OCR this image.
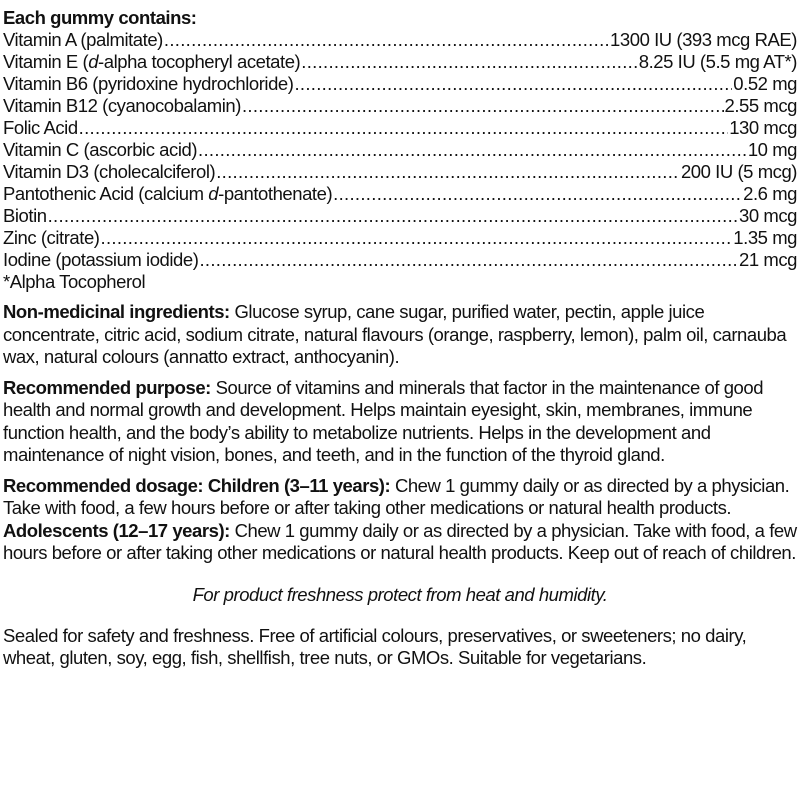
Each gummy contains:
Vitamin A (palmitate) .....	1300 IU (393 mcg RAE)
Vitamin E (d-alpha tocopheryl acetate) .....	8.25 IU (5.5 mg AT*)
Vitamin B6 (pyridoxine hydrochloride) .....	0.52 mg
Vitamin B12 (cyanocobalamin) .....	2.55 mcg
Folic Acid .....	130 mcg
Vitamin C (ascorbic acid) .....	10 mg
Vitamin D3 (cholecalciferol) .....	200 IU (5 mcg)
Pantothenic Acid (calcium d-pantothenate) .....	2.6 mg
Biotin .....	30 mcg
Zinc (citrate) .....	1.35 mg
Iodine (potassium iodide) .....	21 mcg
*Alpha Tocopherol
Non-medicinal ingredients: Glucose syrup, cane sugar, purified water, pectin, apple juice concentrate, citric acid, sodium citrate, natural flavours (orange, raspberry, lemon), palm oil, carnauba wax, natural colours (annatto extract, anthocyanin).
Recommended purpose: Source of vitamins and minerals that factor in the maintenance of good health and normal growth and development. Helps maintain eyesight, skin, membranes, immune function health, and the body’s ability to metabolize nutrients. Helps in the development and maintenance of night vision, bones, and teeth, and in the function of the thyroid gland.
Recommended dosage: Children (3–11 years): Chew 1 gummy daily or as directed by a physician. Take with food, a few hours before or after taking other medications or natural health products. Adolescents (12–17 years): Chew 1 gummy daily or as directed by a physician. Take with food, a few hours before or after taking other medications or natural health products. Keep out of reach of children.
For product freshness protect from heat and humidity.
Sealed for safety and freshness. Free of artificial colours, preservatives, or sweeteners; no dairy, wheat, gluten, soy, egg, fish, shellfish, tree nuts, or GMOs. Suitable for vegetarians.
